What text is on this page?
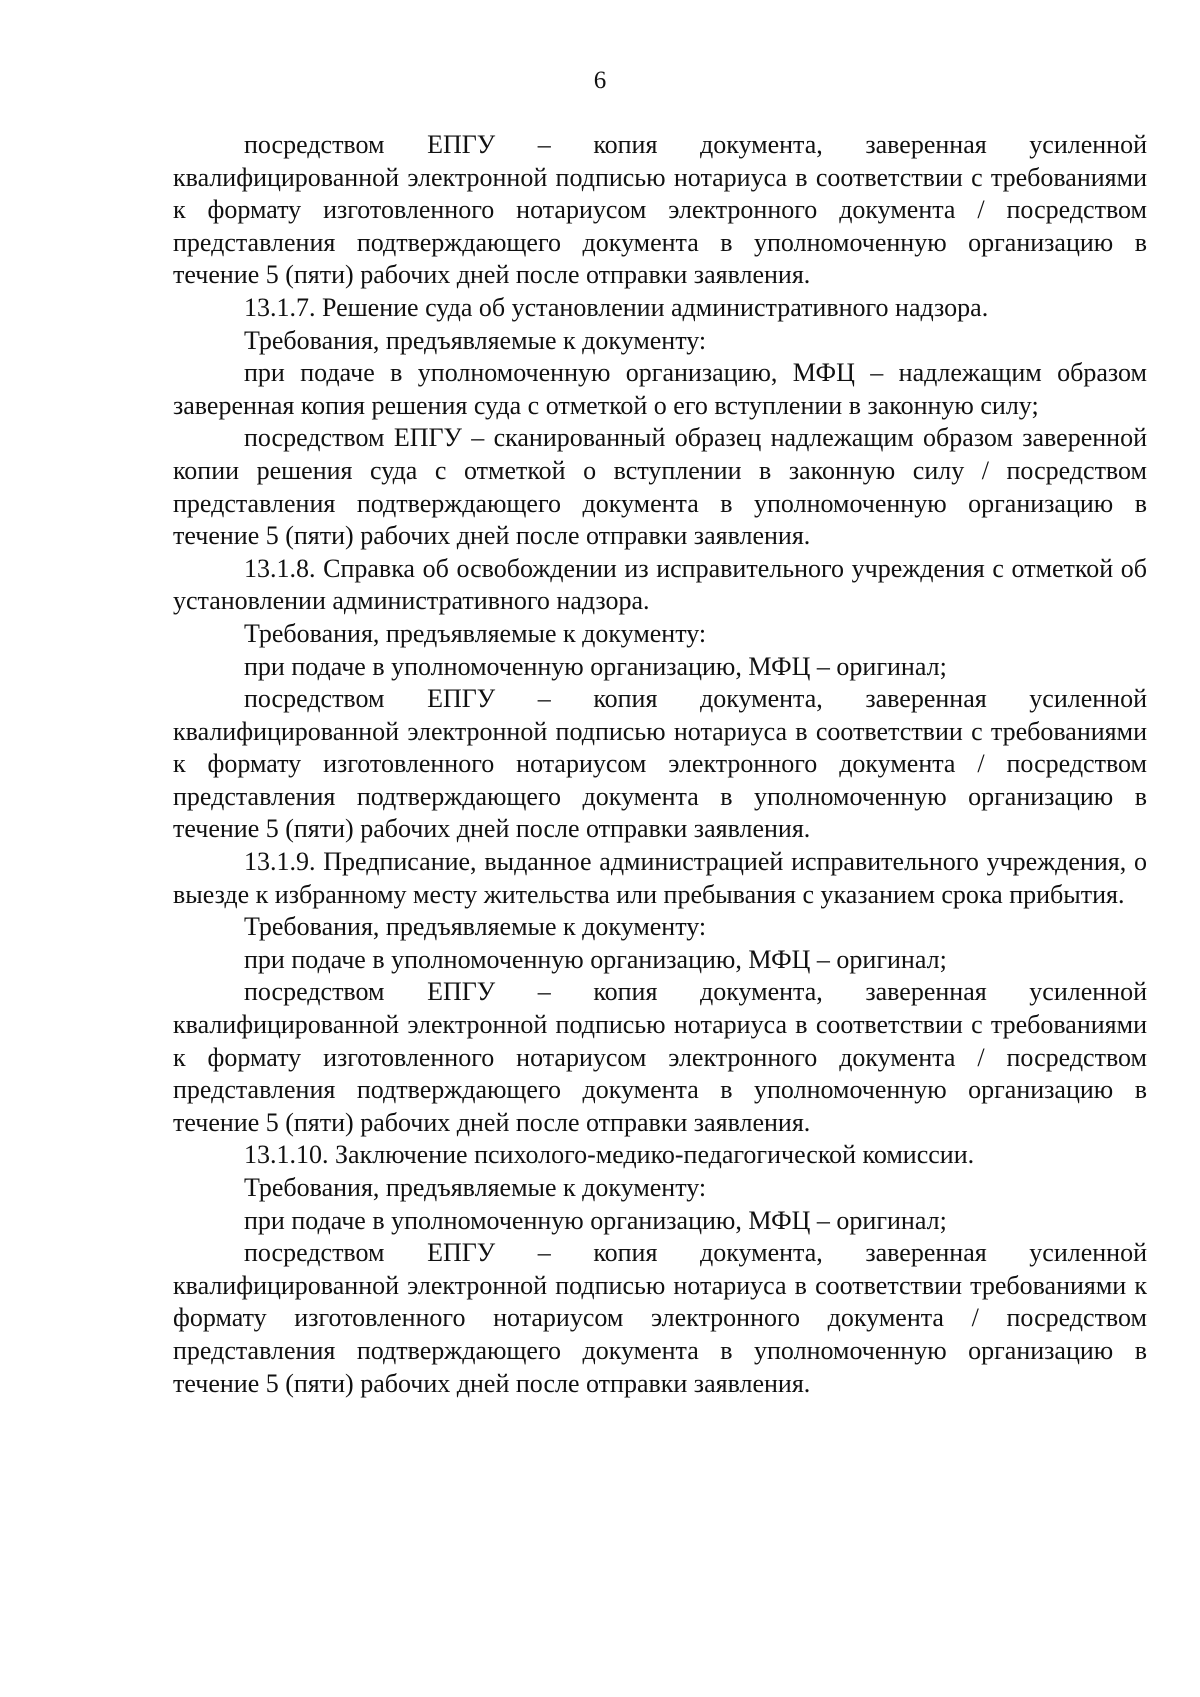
6

посредством ЕПГУ – копия документа, заверенная усиленной квалифицированной электронной подписью нотариуса в соответствии с требованиями к формату изготовленного нотариусом электронного документа / посредством представления подтверждающего документа в уполномоченную организацию в течение 5 (пяти) рабочих дней после отправки заявления.

13.1.7. Решение суда об установлении административного надзора.

Требования, предъявляемые к документу:

при подаче в уполномоченную организацию, МФЦ – надлежащим образом заверенная копия решения суда с отметкой о его вступлении в законную силу;

посредством ЕПГУ – сканированный образец надлежащим образом заверенной копии решения суда с отметкой о вступлении в законную силу / посредством представления подтверждающего документа в уполномоченную организацию в течение 5 (пяти) рабочих дней после отправки заявления.

13.1.8. Справка об освобождении из исправительного учреждения с отметкой об установлении административного надзора.

Требования, предъявляемые к документу:

при подаче в уполномоченную организацию, МФЦ – оригинал;

посредством ЕПГУ – копия документа, заверенная усиленной квалифицированной электронной подписью нотариуса в соответствии с требованиями к формату изготовленного нотариусом электронного документа / посредством представления подтверждающего документа в уполномоченную организацию в течение 5 (пяти) рабочих дней после отправки заявления.

13.1.9. Предписание, выданное администрацией исправительного учреждения, о выезде к избранному месту жительства или пребывания с указанием срока прибытия.

Требования, предъявляемые к документу:

при подаче в уполномоченную организацию, МФЦ – оригинал;

посредством ЕПГУ – копия документа, заверенная усиленной квалифицированной электронной подписью нотариуса в соответствии с требованиями к формату изготовленного нотариусом электронного документа / посредством представления подтверждающего документа в уполномоченную организацию в течение 5 (пяти) рабочих дней после отправки заявления.

13.1.10. Заключение психолого-медико-педагогической комиссии.

Требования, предъявляемые к документу:

при подаче в уполномоченную организацию, МФЦ – оригинал;

посредством ЕПГУ – копия документа, заверенная усиленной квалифицированной электронной подписью нотариуса в соответствии требованиями к формату изготовленного нотариусом электронного документа / посредством представления подтверждающего документа в уполномоченную организацию в течение 5 (пяти) рабочих дней после отправки заявления.
